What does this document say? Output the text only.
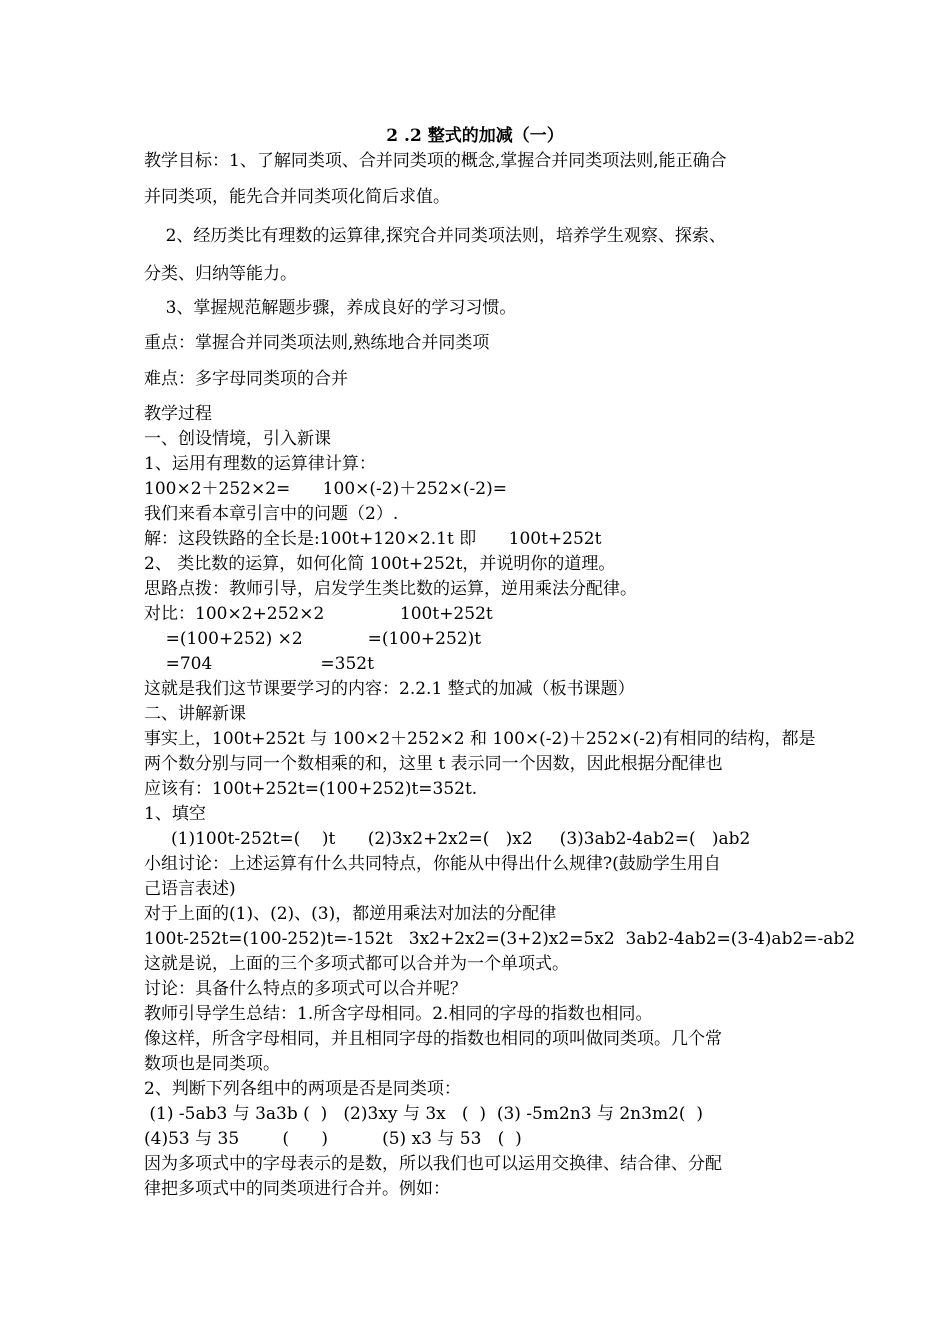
2 .2 整式的加减（一）
教学目标：1、了解同类项、合并同类项的概念,掌握合并同类项法则,能正确合
并同类项，能先合并同类项化简后求值。
2、经历类比有理数的运算律,探究合并同类项法则，培养学生观察、探索、
分类、归纳等能力。
3、掌握规范解题步骤，养成良好的学习习惯。
重点：掌握合并同类项法则,熟练地合并同类项
难点：多字母同类项的合并
教学过程
一、创设情境，引入新课
1、运用有理数的运算律计算：
100×2＋252×2=      100×(-2)＋252×(-2)=
我们来看本章引言中的问题（2）.
解：这段铁路的全长是:100t+120×2.1t 即      100t+252t
2、 类比数的运算，如何化简 100t+252t，并说明你的道理。
思路点拨：教师引导，启发学生类比数的运算，逆用乘法分配律。
对比：100×2+252×2              100t+252t
=(100+252) ×2            =(100+252)t
=704                    =352t
这就是我们这节课要学习的内容：2.2.1 整式的加减（板书课题）
二、讲解新课
事实上，100t+252t 与 100×2＋252×2 和 100×(-2)＋252×(-2)有相同的结构，都是
两个数分别与同一个数相乘的和，这里 t 表示同一个因数，因此根据分配律也
应该有：100t+252t=(100+252)t=352t.
1、填空
(1)100t-252t=(    )t      (2)3x2+2x2=(   )x2     (3)3ab2-4ab2=(   )ab2
小组讨论：上述运算有什么共同特点，你能从中得出什么规律?(鼓励学生用自
己语言表述)
对于上面的(1)、(2)、(3)，都逆用乘法对加法的分配律
100t-252t=(100-252)t=-152t   3x2+2x2=(3+2)x2=5x2  3ab2-4ab2=(3-4)ab2=-ab2
这就是说，上面的三个多项式都可以合并为一个单项式。
讨论：具备什么特点的多项式可以合并呢？
教师引导学生总结：1.所含字母相同。2.相同的字母的指数也相同。
像这样，所含字母相同，并且相同字母的指数也相同的项叫做同类项。几个常
数项也是同类项。
2、判断下列各组中的两项是否是同类项：
(1) -5ab3 与 3a3b (  )   (2)3xy 与 3x   (  )  (3) -5m2n3 与 2n3m2(  )
(4)53 与 35        (      )          (5) x3 与 53   (  )
因为多项式中的字母表示的是数，所以我们也可以运用交换律、结合律、分配
律把多项式中的同类项进行合并。例如：
